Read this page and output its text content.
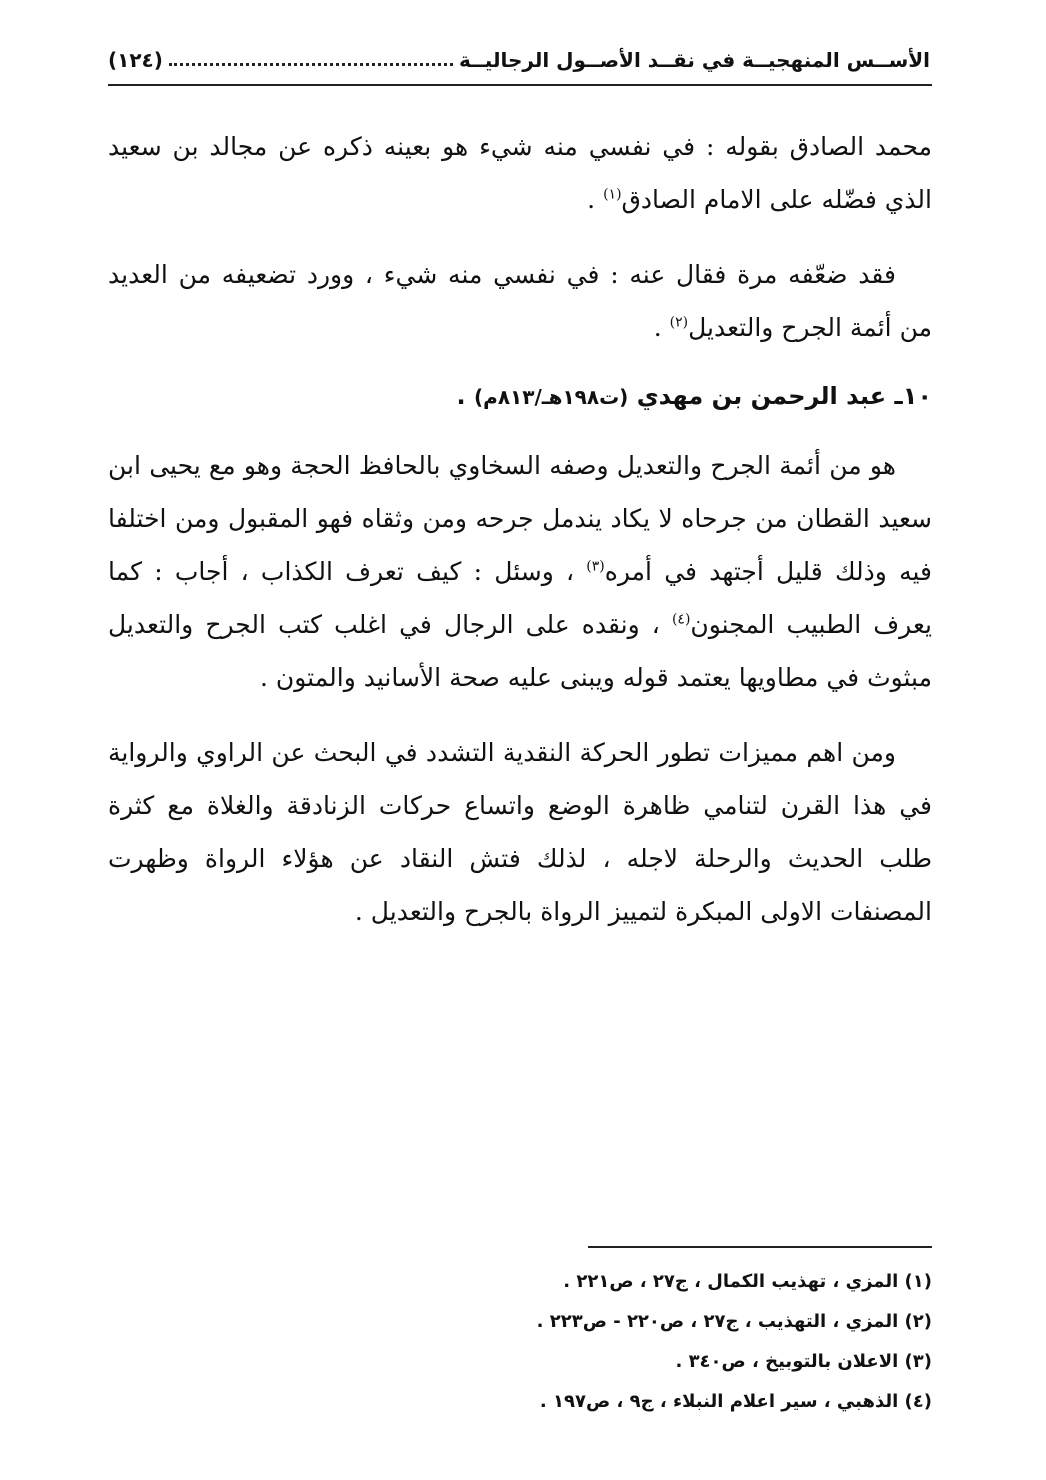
الأســس المنهجيــة في نقــد الأصــول الرجاليــة
(١٢٤)

محمد الصادق بقوله : في نفسي منه شيء هو بعينه ذكره عن مجالد بن سعيد الذي فضّله على الامام الصادق$^{(١)}$ .

فقد ضعّفه مرة فقال عنه : في نفسي منه شيء ، وورد تضعيفه من العديد من أئمة الجرح والتعديل$^{(٢)}$ .

١٠ـ عبد الرحمن بن مهدي (ت١٩٨هـ/٨١٣م) .

هو من أئمة الجرح والتعديل وصفه السخاوي بالحافظ الحجة وهو مع يحيى ابن سعيد القطان من جرحاه لا يكاد يندمل جرحه ومن وثقاه فهو المقبول ومن اختلفا فيه وذلك قليل أجتهد في أمره$^{(٣)}$ ، وسئل : كيف تعرف الكذاب ، أجاب : كما يعرف الطبيب المجنون$^{(٤)}$ ، ونقده على الرجال في اغلب كتب الجرح والتعديل مبثوث في مطاويها يعتمد قوله ويبنى عليه صحة الأسانيد والمتون .

ومن اهم مميزات تطور الحركة النقدية التشدد في البحث عن الراوي والرواية في هذا القرن لتنامي ظاهرة الوضع واتساع حركات الزنادقة والغلاة مع كثرة طلب الحديث والرحلة لاجله ، لذلك فتش النقاد عن هؤلاء الرواة وظهرت المصنفات الاولى المبكرة لتمييز الرواة بالجرح والتعديل .

(١) المزي ، تهذيب الكمال ، ج٢٧ ، ص٢٢١ .
(٢) المزي ، التهذيب ، ج٢٧ ، ص٢٢٠ - ص٢٢٣ .
(٣) الاعلان بالتوبيخ ، ص٣٤٠ .
(٤) الذهبي ، سير اعلام النبلاء ، ج٩ ، ص١٩٧ .
